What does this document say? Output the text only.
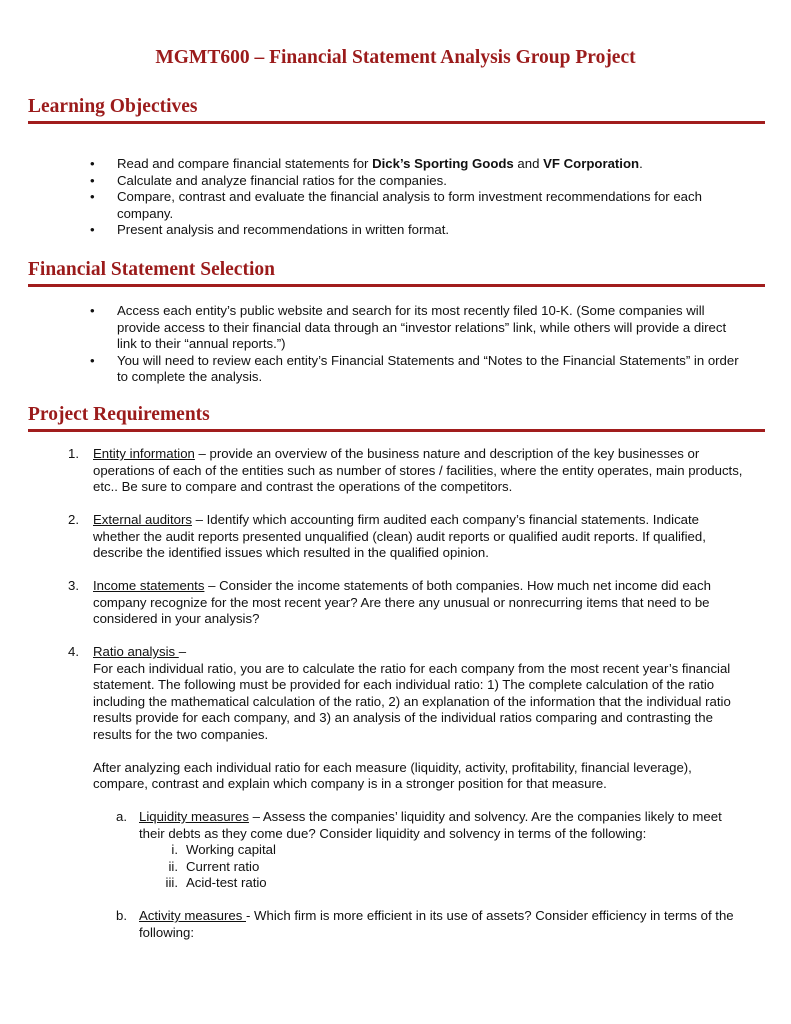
MGMT600 – Financial Statement Analysis Group Project
Learning Objectives
• Read and compare financial statements for Dick’s Sporting Goods and VF Corporation.
• Calculate and analyze financial ratios for the companies.
• Compare, contrast and evaluate the financial analysis to form investment recommendations for each company.
• Present analysis and recommendations in written format.
Financial Statement Selection
• Access each entity’s public website and search for its most recently filed 10-K. (Some companies will provide access to their financial data through an “investor relations” link, while others will provide a direct link to their “annual reports.”)
• You will need to review each entity’s Financial Statements and “Notes to the Financial Statements” in order to complete the analysis.
Project Requirements
1. Entity information – provide an overview of the business nature and description of the key businesses or operations of each of the entities such as number of stores / facilities, where the entity operates, main products, etc.. Be sure to compare and contrast the operations of the competitors.
2. External auditors – Identify which accounting firm audited each company’s financial statements. Indicate whether the audit reports presented unqualified (clean) audit reports or qualified audit reports. If qualified, describe the identified issues which resulted in the qualified opinion.
3. Income statements – Consider the income statements of both companies. How much net income did each company recognize for the most recent year? Are there any unusual or nonrecurring items that need to be considered in your analysis?
4. Ratio analysis –
For each individual ratio, you are to calculate the ratio for each company from the most recent year’s financial statement. The following must be provided for each individual ratio: 1) The complete calculation of the ratio including the mathematical calculation of the ratio, 2) an explanation of the information that the individual ratio results provide for each company, and 3) an analysis of the individual ratios comparing and contrasting the results for the two companies.
After analyzing each individual ratio for each measure (liquidity, activity, profitability, financial leverage), compare, contrast and explain which company is in a stronger position for that measure.
a. Liquidity measures – Assess the companies’ liquidity and solvency. Are the companies likely to meet their debts as they come due? Consider liquidity and solvency in terms of the following:
i. Working capital
ii. Current ratio
iii. Acid-test ratio
b. Activity measures - Which firm is more efficient in its use of assets? Consider efficiency in terms of the following:
